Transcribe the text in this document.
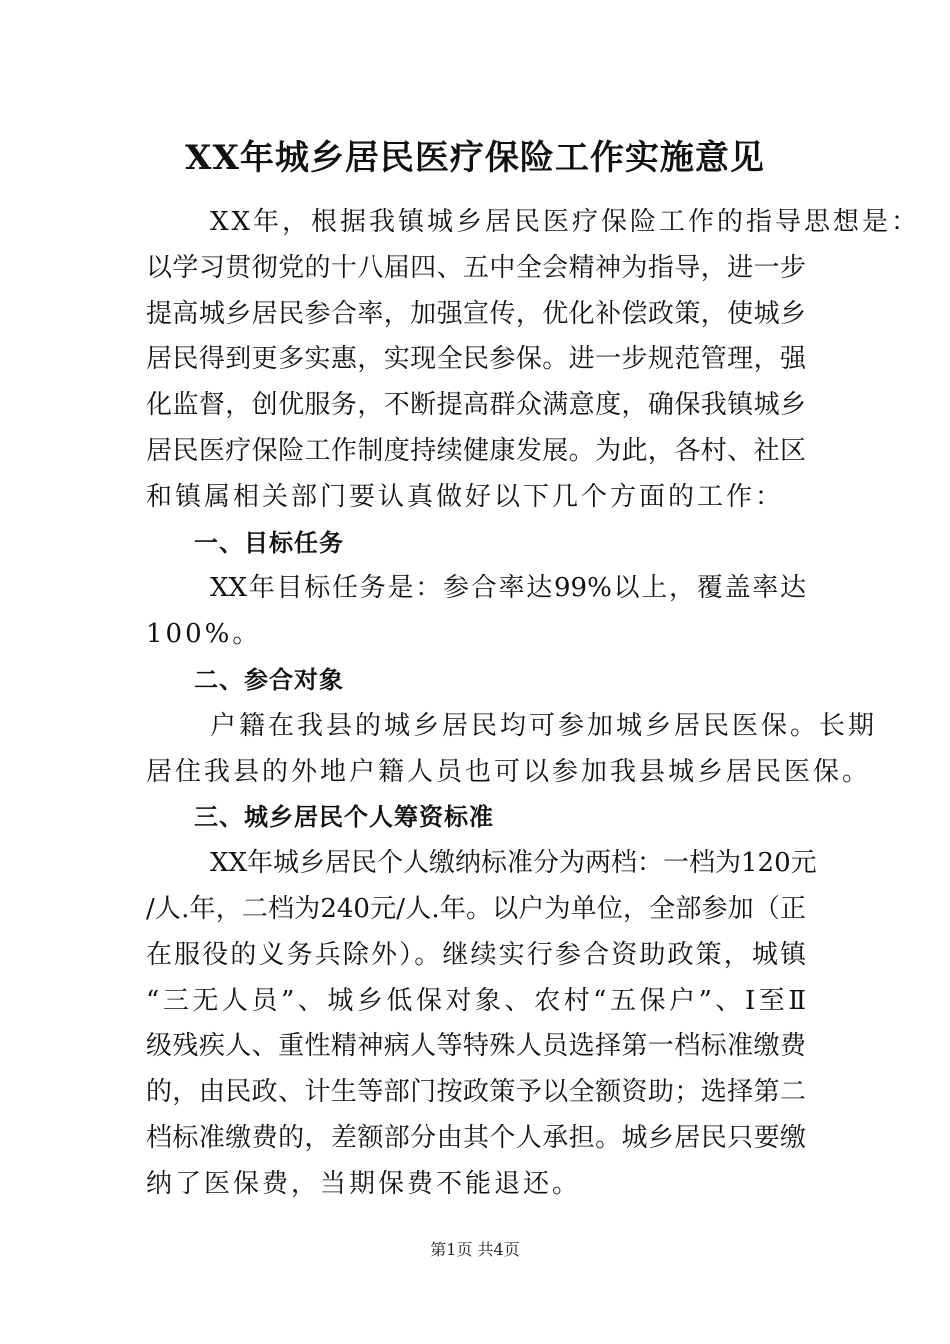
XX年城乡居民医疗保险工作实施意见
XX年，根据我镇城乡居民医疗保险工作的指导思想是：
以学习贯彻党的十八届四、五中全会精神为指导，进一步
提高城乡居民参合率，加强宣传，优化补偿政策，使城乡
居民得到更多实惠，实现全民参保。进一步规范管理，强
化监督，创优服务，不断提高群众满意度，确保我镇城乡
居民医疗保险工作制度持续健康发展。为此，各村、社区
和镇属相关部门要认真做好以下几个方面的工作：
一、目标任务
XX年目标任务是：参合率达99%以上，覆盖率达
100%。
二、参合对象
户籍在我县的城乡居民均可参加城乡居民医保。长期
居住我县的外地户籍人员也可以参加我县城乡居民医保。
三、城乡居民个人筹资标准
XX年城乡居民个人缴纳标准分为两档：一档为120元
/人.年，二档为240元/人.年。以户为单位，全部参加（正
在服役的义务兵除外）。继续实行参合资助政策，城镇
“三无人员”、城乡低保对象、农村“五保户”、Ⅰ至Ⅱ
级残疾人、重性精神病人等特殊人员选择第一档标准缴费
的，由民政、计生等部门按政策予以全额资助；选择第二
档标准缴费的，差额部分由其个人承担。城乡居民只要缴
纳了医保费，当期保费不能退还。
第1页 共4页
